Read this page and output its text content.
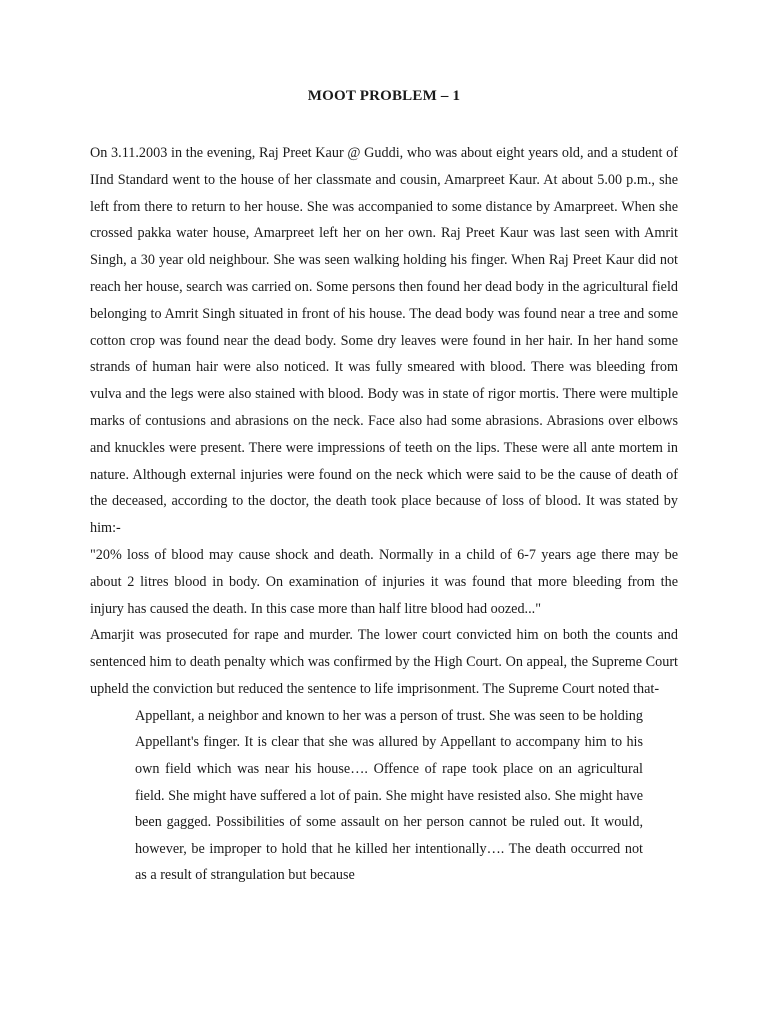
MOOT PROBLEM – 1

On 3.11.2003 in the evening, Raj Preet Kaur @ Guddi, who was about eight years old, and a student of IInd Standard went to the house of her classmate and cousin, Amarpreet Kaur. At about 5.00 p.m., she left from there to return to her house. She was accompanied to some distance by Amarpreet. When she crossed pakka water house, Amarpreet left her on her own. Raj Preet Kaur was last seen with Amrit Singh, a 30 year old neighbour. She was seen walking holding his finger. When Raj Preet Kaur did not reach her house, search was carried on. Some persons then found her dead body in the agricultural field belonging to Amrit Singh situated in front of his house. The dead body was found near a tree and some cotton crop was found near the dead body. Some dry leaves were found in her hair. In her hand some strands of human hair were also noticed. It was fully smeared with blood. There was bleeding from vulva and the legs were also stained with blood. Body was in state of rigor mortis. There were multiple marks of contusions and abrasions on the neck. Face also had some abrasions. Abrasions over elbows and knuckles were present. There were impressions of teeth on the lips. These were all ante mortem in nature. Although external injuries were found on the neck which were said to be the cause of death of the deceased, according to the doctor, the death took place because of loss of blood. It was stated by him:-

"20% loss of blood may cause shock and death. Normally in a child of 6-7 years age there may be about 2 litres blood in body. On examination of injuries it was found that more bleeding from the injury has caused the death. In this case more than half litre blood had oozed..."

Amarjit was prosecuted for rape and murder. The lower court convicted him on both the counts and sentenced him to death penalty which was confirmed by the High Court. On appeal, the Supreme Court upheld the conviction but reduced the sentence to life imprisonment. The Supreme Court noted that-

Appellant, a neighbor and known to her was a person of trust. She was seen to be holding Appellant's finger. It is clear that she was allured by Appellant to accompany him to his own field which was near his house…. Offence of rape took place on an agricultural field. She might have suffered a lot of pain. She might have resisted also. She might have been gagged. Possibilities of some assault on her person cannot be ruled out. It would, however, be improper to hold that he killed her intentionally…. The death occurred not as a result of strangulation but because
